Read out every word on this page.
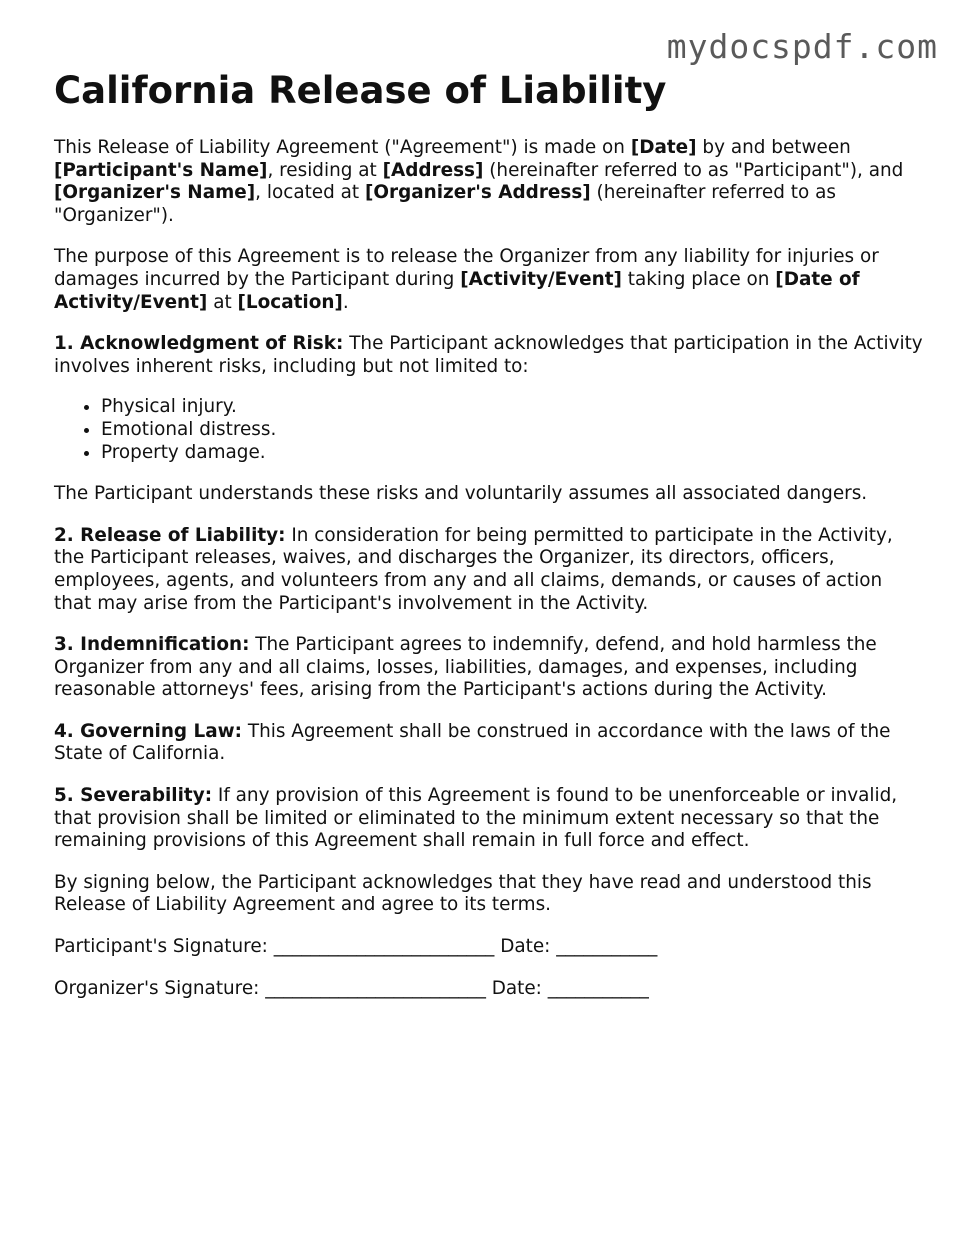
mydocspdf.com
California Release of Liability

This Release of Liability Agreement ("Agreement") is made on [Date] by and between [Participant's Name], residing at [Address] (hereinafter referred to as "Participant"), and [Organizer's Name], located at [Organizer's Address] (hereinafter referred to as "Organizer").

The purpose of this Agreement is to release the Organizer from any liability for injuries or damages incurred by the Participant during [Activity/Event] taking place on [Date of Activity/Event] at [Location].

1. Acknowledgment of Risk: The Participant acknowledges that participation in the Activity involves inherent risks, including but not limited to:

• Physical injury.
• Emotional distress.
• Property damage.

The Participant understands these risks and voluntarily assumes all associated dangers.

2. Release of Liability: In consideration for being permitted to participate in the Activity, the Participant releases, waives, and discharges the Organizer, its directors, officers, employees, agents, and volunteers from any and all claims, demands, or causes of action that may arise from the Participant's involvement in the Activity.

3. Indemnification: The Participant agrees to indemnify, defend, and hold harmless the Organizer from any and all claims, losses, liabilities, damages, and expenses, including reasonable attorneys' fees, arising from the Participant's actions during the Activity.

4. Governing Law: This Agreement shall be construed in accordance with the laws of the State of California.

5. Severability: If any provision of this Agreement is found to be unenforceable or invalid, that provision shall be limited or eliminated to the minimum extent necessary so that the remaining provisions of this Agreement shall remain in full force and effect.

By signing below, the Participant acknowledges that they have read and understood this Release of Liability Agreement and agree to its terms.

Participant's Signature: ________________________ Date: ___________

Organizer's Signature: ________________________ Date: ___________
